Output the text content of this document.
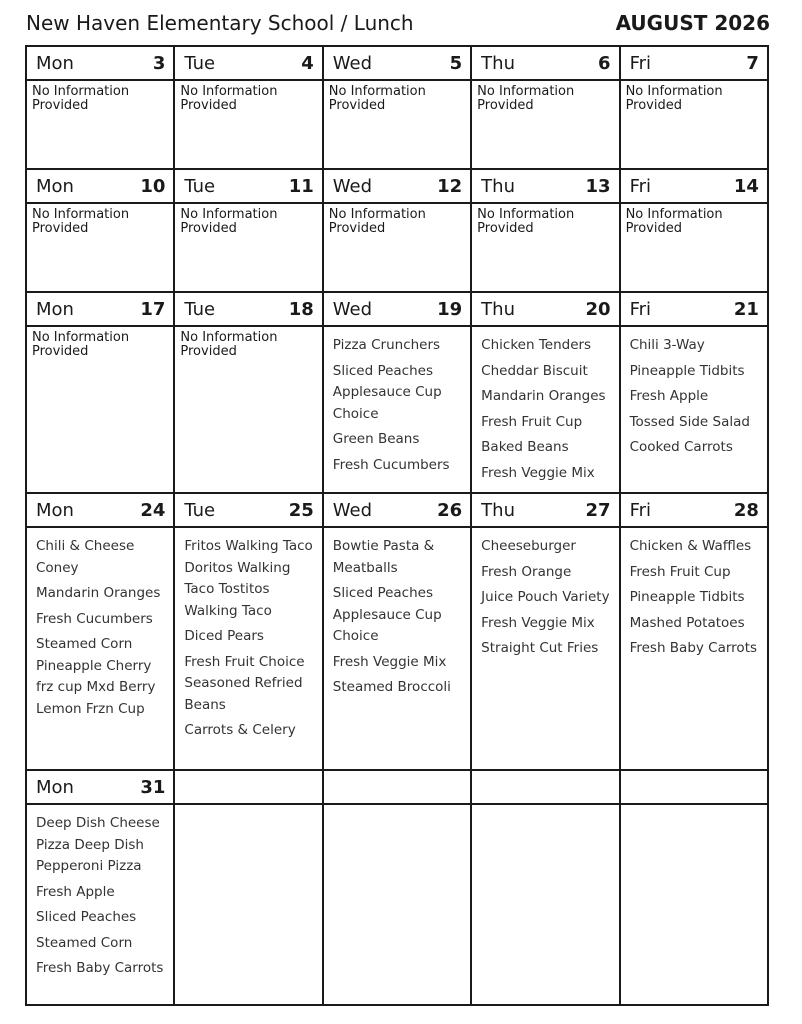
New Haven Elementary School / Lunch	AUGUST 2026
Mon	3
No Information Provided
Tue	4
No Information Provided
Wed	5
No Information Provided
Thu	6
No Information Provided
Fri	7
No Information Provided
Mon	10
No Information Provided
Tue	11
No Information Provided
Wed	12
No Information Provided
Thu	13
No Information Provided
Fri	14
No Information Provided
Mon	17
No Information Provided
Tue	18
No Information Provided
Wed	19
Pizza Crunchers
Sliced Peaches Applesauce Cup Choice
Green Beans
Fresh Cucumbers
Thu	20
Chicken Tenders
Cheddar Biscuit
Mandarin Oranges
Fresh Fruit Cup
Baked Beans
Fresh Veggie Mix
Fri	21
Chili 3-Way
Pineapple Tidbits
Fresh Apple
Tossed Side Salad
Cooked Carrots
Mon	24
Chili & Cheese Coney
Mandarin Oranges
Fresh Cucumbers
Steamed Corn Pineapple Cherry frz cup Mxd Berry Lemon Frzn Cup
Tue	25
Fritos Walking Taco Doritos Walking Taco Tostitos Walking Taco
Diced Pears
Fresh Fruit Choice Seasoned Refried Beans
Carrots & Celery
Wed	26
Bowtie Pasta & Meatballs
Sliced Peaches Applesauce Cup Choice
Fresh Veggie Mix
Steamed Broccoli
Thu	27
Cheeseburger
Fresh Orange
Juice Pouch Variety
Fresh Veggie Mix
Straight Cut Fries
Fri	28
Chicken & Waffles
Fresh Fruit Cup
Pineapple Tidbits
Mashed Potatoes
Fresh Baby Carrots
Mon	31
Deep Dish Cheese Pizza Deep Dish Pepperoni Pizza
Fresh Apple
Sliced Peaches
Steamed Corn
Fresh Baby Carrots
